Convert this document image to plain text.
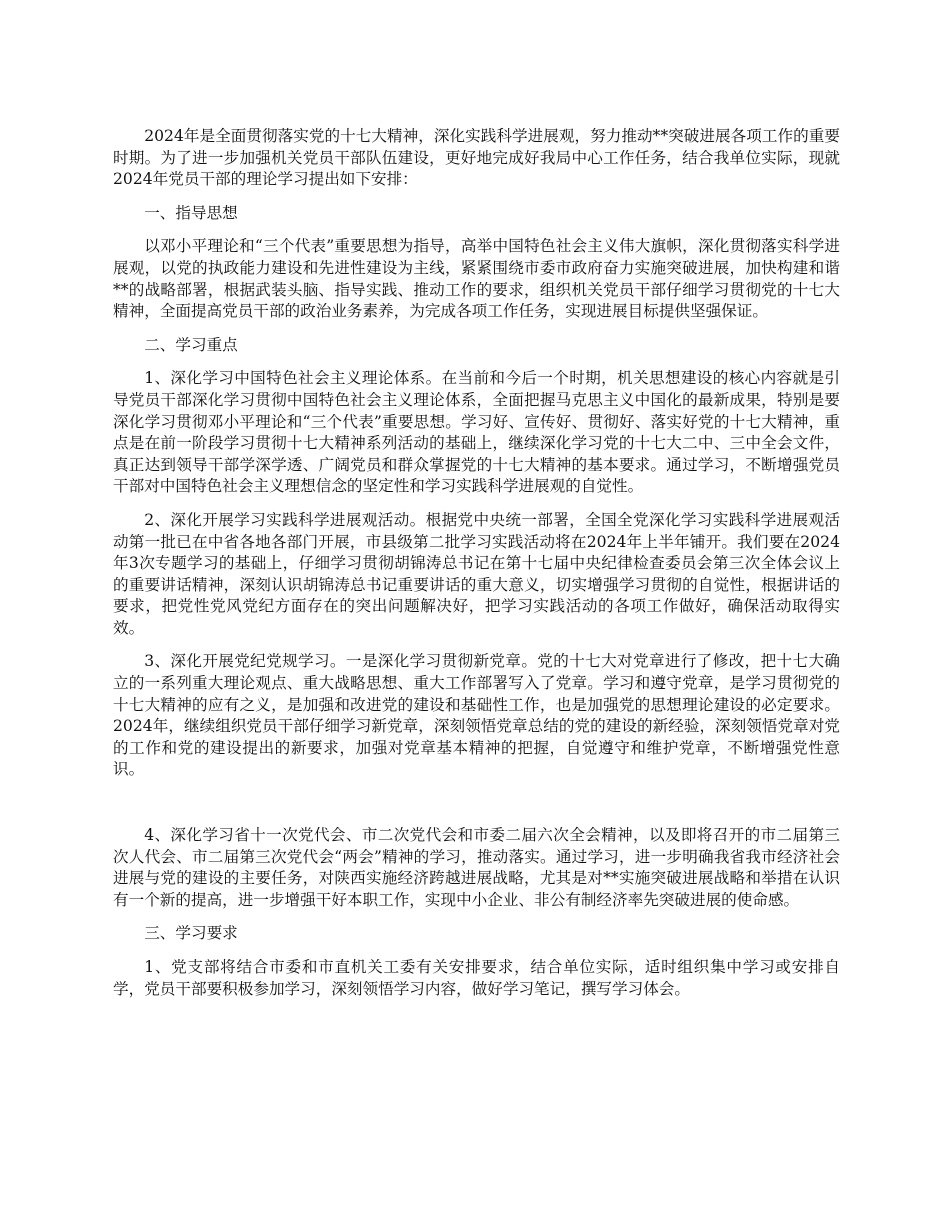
2024年是全面贯彻落实党的十七大精神，深化实践科学进展观，努力推动**突破进展各项工作的重要时期。为了进一步加强机关党员干部队伍建设，更好地完成好我局中心工作任务，结合我单位实际，现就2024年党员干部的理论学习提出如下安排：

一、指导思想

以邓小平理论和“三个代表”重要思想为指导，高举中国特色社会主义伟大旗帜，深化贯彻落实科学进展观，以党的执政能力建设和先进性建设为主线，紧紧围绕市委市政府奋力实施突破进展，加快构建和谐**的战略部署，根据武装头脑、指导实践、推动工作的要求，组织机关党员干部仔细学习贯彻党的十七大精神，全面提高党员干部的政治业务素养，为完成各项工作任务，实现进展目标提供坚强保证。

二、学习重点

1、深化学习中国特色社会主义理论体系。在当前和今后一个时期，机关思想建设的核心内容就是引导党员干部深化学习贯彻中国特色社会主义理论体系，全面把握马克思主义中国化的最新成果，特别是要深化学习贯彻邓小平理论和“三个代表”重要思想。学习好、宣传好、贯彻好、落实好党的十七大精神，重点是在前一阶段学习贯彻十七大精神系列活动的基础上，继续深化学习党的十七大二中、三中全会文件，真正达到领导干部学深学透、广阔党员和群众掌握党的十七大精神的基本要求。通过学习，不断增强党员干部对中国特色社会主义理想信念的坚定性和学习实践科学进展观的自觉性。

2、深化开展学习实践科学进展观活动。根据党中央统一部署，全国全党深化学习实践科学进展观活动第一批已在中省各地各部门开展，市县级第二批学习实践活动将在2024年上半年铺开。我们要在2024年3次专题学习的基础上，仔细学习贯彻胡锦涛总书记在第十七届中央纪律检查委员会第三次全体会议上的重要讲话精神，深刻认识胡锦涛总书记重要讲话的重大意义，切实增强学习贯彻的自觉性，根据讲话的要求，把党性党风党纪方面存在的突出问题解决好，把学习实践活动的各项工作做好，确保活动取得实效。

3、深化开展党纪党规学习。一是深化学习贯彻新党章。党的十七大对党章进行了修改，把十七大确立的一系列重大理论观点、重大战略思想、重大工作部署写入了党章。学习和遵守党章，是学习贯彻党的十七大精神的应有之义，是加强和改进党的建设和基础性工作，也是加强党的思想理论建设的必定要求。2024年，继续组织党员干部仔细学习新党章，深刻领悟党章总结的党的建设的新经验，深刻领悟党章对党的工作和党的建设提出的新要求，加强对党章基本精神的把握，自觉遵守和维护党章，不断增强党性意识。

4、深化学习省十一次党代会、市二次党代会和市委二届六次全会精神，以及即将召开的市二届第三次人代会、市二届第三次党代会“两会”精神的学习，推动落实。通过学习，进一步明确我省我市经济社会进展与党的建设的主要任务，对陕西实施经济跨越进展战略，尤其是对**实施突破进展战略和举措在认识有一个新的提高，进一步增强干好本职工作，实现中小企业、非公有制经济率先突破进展的使命感。

三、学习要求

1、党支部将结合市委和市直机关工委有关安排要求，结合单位实际，适时组织集中学习或安排自学，党员干部要积极参加学习，深刻领悟学习内容，做好学习笔记，撰写学习体会。
